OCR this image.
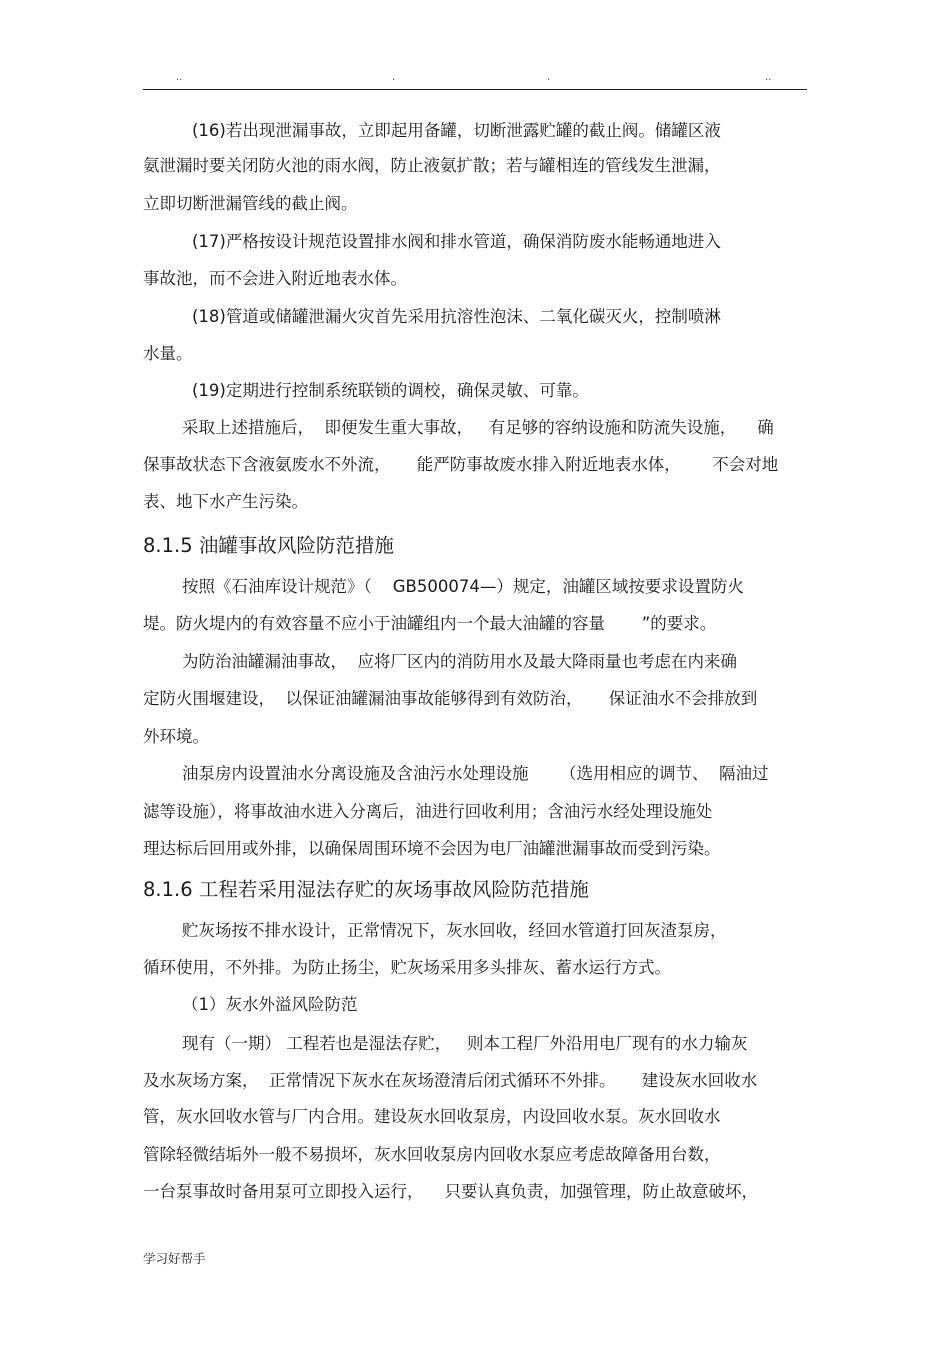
..	.	.	..
(16)若出现泄漏事故，立即起用备罐，切断泄露贮罐的截止阀。储罐区液
氨泄漏时要关闭防火池的雨水阀，防止液氨扩散；若与罐相连的管线发生泄漏，
立即切断泄漏管线的截止阀。
(17)严格按设计规范设置排水阀和排水管道，确保消防废水能畅通地进入
事故池，而不会进入附近地表水体。
(18)管道或储罐泄漏火灾首先采用抗溶性泡沫、二氧化碳灭火，控制喷淋
水量。
(19)定期进行控制系统联锁的调校，确保灵敏、可靠。
采取上述措施后，  即便发生重大事故，   有足够的容纳设施和防流失设施，    确
保事故状态下含液氨废水不外流，     能严防事故废水排入附近地表水体，      不会对地
表、地下水产生污染。
8.1.5 油罐事故风险防范措施
按照《石油库设计规范》（    GB500074—）规定，油罐区域按要求设置防火
堤。防火堤内的有效容量不应小于油罐组内一个最大油罐的容量       ”的要求。
为防治油罐漏油事故，  应将厂区内的消防用水及最大降雨量也考虑在内来确
定防火围堰建设，  以保证油罐漏油事故能够得到有效防治，     保证油水不会排放到
外环境。
油泵房内设置油水分离设施及含油污水处理设施      （选用相应的调节、  隔油过
滤等设施），将事故油水进入分离后，油进行回收利用；含油污水经处理设施处
理达标后回用或外排，以确保周围环境不会因为电厂油罐泄漏事故而受到污染。
8.1.6 工程若采用湿法存贮的灰场事故风险防范措施
贮灰场按不排水设计，正常情况下，灰水回收，经回水管道打回灰渣泵房，
循环使用，不外排。为防止扬尘，贮灰场采用多头排灰、蓄水运行方式。
（1）灰水外溢风险防范
现有（一期） 工程若也是湿法存贮，   则本工程厂外沿用电厂现有的水力输灰
及水灰场方案，  正常情况下灰水在灰场澄清后闭式循环不外排。     建设灰水回收水
管，灰水回收水管与厂内合用。建设灰水回收泵房，内设回收水泵。灰水回收水
管除轻微结垢外一般不易损坏，灰水回收泵房内回收水泵应考虑故障备用台数，
一台泵事故时备用泵可立即投入运行，    只要认真负责，加强管理，防止故意破坏，
学习好帮手
